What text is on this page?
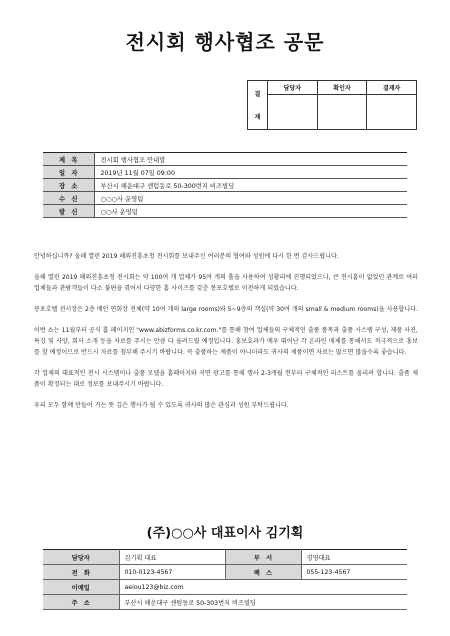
전시회 행사협조 공문
결
재	담당자	확인자	결재자

제　목	전시회 행사협조 안내말
일　자	2019년 11월 07일 09:00
장　소	부산시 해운대구 센텀동로 50-300번지 비즈빌딩
수　신	○○○사 운영팀
발　신	○○사 운영팀

안녕하십니까? 올해 열린 2019 해외진흥초청 전시회를 보내주신 여러분의 협여와 성원에 다시 한 번 감사드립니다.

올해 열린 2019 해외진흥초청 전시회는 약 100여 개 업체가 95여 개의 홀을 사용하여 성황리에 진행되었으나, 큰 전시홈이 없었던 관계로 여러 업체들과 관람객들이 다소 불편을 겪어서 다양한 홈 사이즈를 갖춘 봉포호텔로 이전하게 되었습니다.

봉포호텔 전시장은 2층 메인 연회장 전체(약 10여 개의 large rooms)와 5~9층의 객실(약 30여 개의 small & medium rooms)을 사용합니다.

이번 쇼는 11월부터 공식 홈 페이지인 "www.abizforms.co.kr.com."를 통해 참여 업체들의 구체적인 출품 품목과 출품 시스템 구성, 제품 사진, 특징 및 사양, 회사 소개 등을 자료를 주시는 만큼 다 올려드릴 예정입니다. 홍보효과가 매우 뛰어난 각 온라인 매체를 통해서도 적극적으로 홍보를 할 예정이므로 반드시 자료를 첨부해 주시기 바랍니다. 꼭 출품하는 제품이 아니더라도 귀사의 제품이면 자료는 많으면 많을수록 좋습니다.

각 업체의 대표적인 전시 시스템이나 출품 모델을 홈페이지와 지면 광고를 통해 행사 2-3개월 전부터 구체적인 리스트를 올리려 합니다. 출품 제품이 확정되는 대로 정보를 보내주시기 바랍니다.

우리 모두 함께 만들어 가는 뜻 깊은 행사가 될 수 있도록 귀사의 많은 관심과 성원 부탁드립니다.

(주)○○사 대표이사 김기획
담당자	김기획 대표	부　서	경영대표
전　화	010-0123-4567	팩　스	055-123-4567
이메일	aeiou123@biz.com		
주　소	부산시 해운대구 센텀동로 50-303번지 비즈빌딩		
